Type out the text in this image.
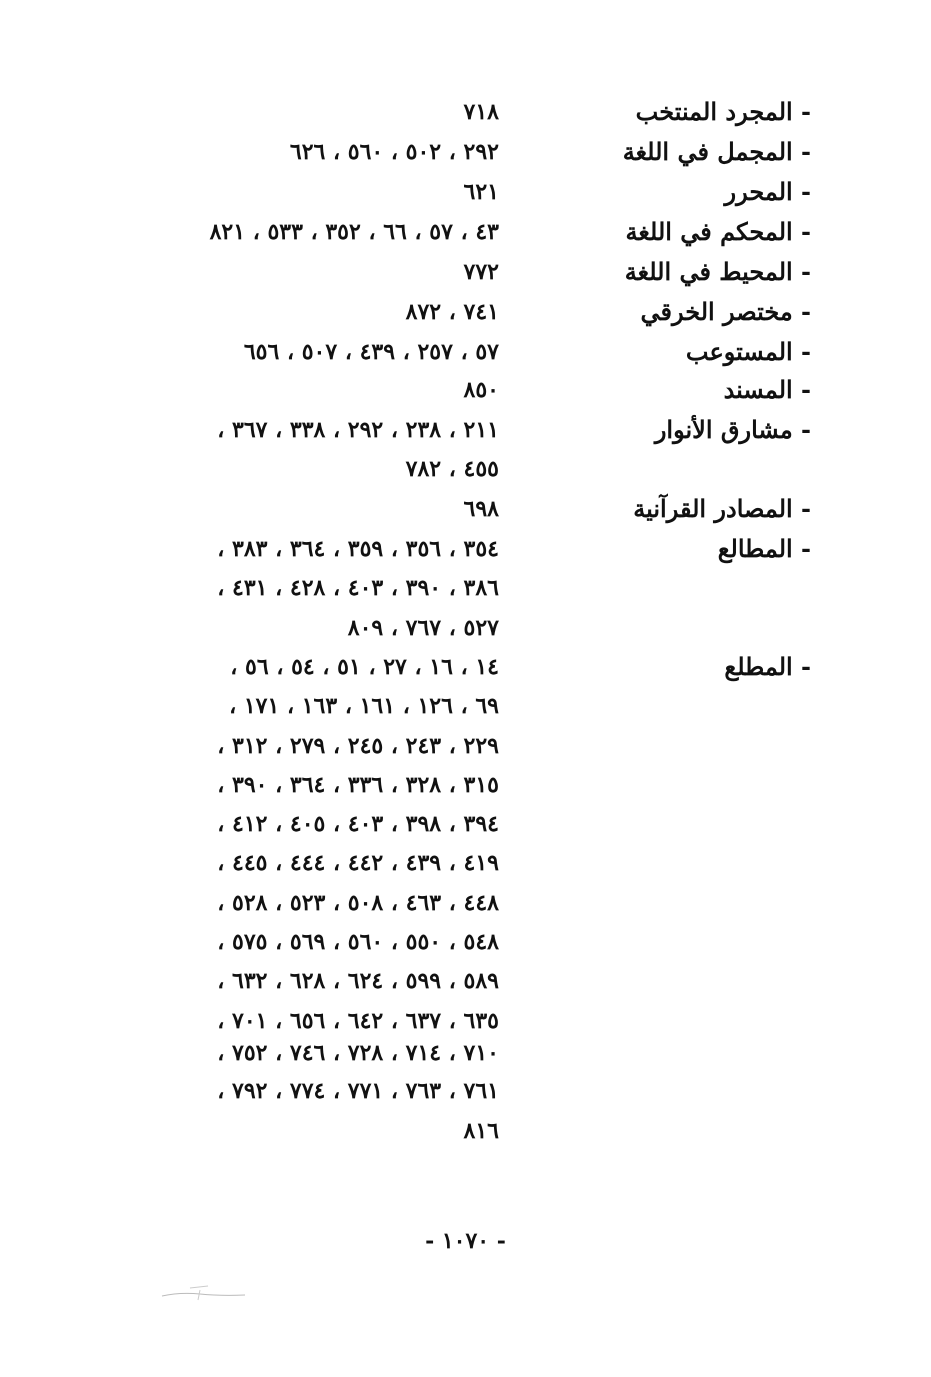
- المجرد المنتخب
٧١٨
- المجمل في اللغة
٢٩٢ ، ٥٠٢ ، ٥٦٠ ، ٦٢٦
- المحرر
٦٢١
- المحكم في اللغة
٤٣ ، ٥٧ ، ٦٦ ، ٣٥٢ ، ٥٣٣ ، ٨٢١
- المحيط في اللغة
٧٧٢
- مختصر الخرقي
٧٤١ ، ٨٧٢
- المستوعب
٥٧ ، ٢٥٧ ، ٤٣٩ ، ٥٠٧ ، ٦٥٦
- المسند
٨٥٠
- مشارق الأنوار
٢١١ ، ٢٣٨ ، ٢٩٢ ، ٣٣٨ ، ٣٦٧ ،
٤٥٥ ، ٧٨٢
- المصادر القرآنية
٦٩٨
- المطالع
٣٥٤ ، ٣٥٦ ، ٣٥٩ ، ٣٦٤ ، ٣٨٣ ،
٣٨٦ ، ٣٩٠ ، ٤٠٣ ، ٤٢٨ ، ٤٣١ ،
٥٢٧ ، ٧٦٧ ، ٨٠٩
- المطلع
١٤ ، ١٦ ، ٢٧ ، ٥١ ، ٥٤ ، ٥٦ ،
٦٩ ، ١٢٦ ، ١٦١ ، ١٦٣ ، ١٧١ ،
٢٢٩ ، ٢٤٣ ، ٢٤٥ ، ٢٧٩ ، ٣١٢ ،
٣١٥ ، ٣٢٨ ، ٣٣٦ ، ٣٦٤ ، ٣٩٠ ،
٣٩٤ ، ٣٩٨ ، ٤٠٣ ، ٤٠٥ ، ٤١٢ ،
٤١٩ ، ٤٣٩ ، ٤٤٢ ، ٤٤٤ ، ٤٤٥ ،
٤٤٨ ، ٤٦٣ ، ٥٠٨ ، ٥٢٣ ، ٥٢٨ ،
٥٤٨ ، ٥٥٠ ، ٥٦٠ ، ٥٦٩ ، ٥٧٥ ،
٥٨٩ ، ٥٩٩ ، ٦٢٤ ، ٦٢٨ ، ٦٣٢ ،
٦٣٥ ، ٦٣٧ ، ٦٤٢ ، ٦٥٦ ، ٧٠١ ،
٧١٠ ، ٧١٤ ، ٧٢٨ ، ٧٤٦ ، ٧٥٢ ،
٧٦١ ، ٧٦٣ ، ٧٧١ ، ٧٧٤ ، ٧٩٢ ،
٨١٦
- ١٠٧٠ -
